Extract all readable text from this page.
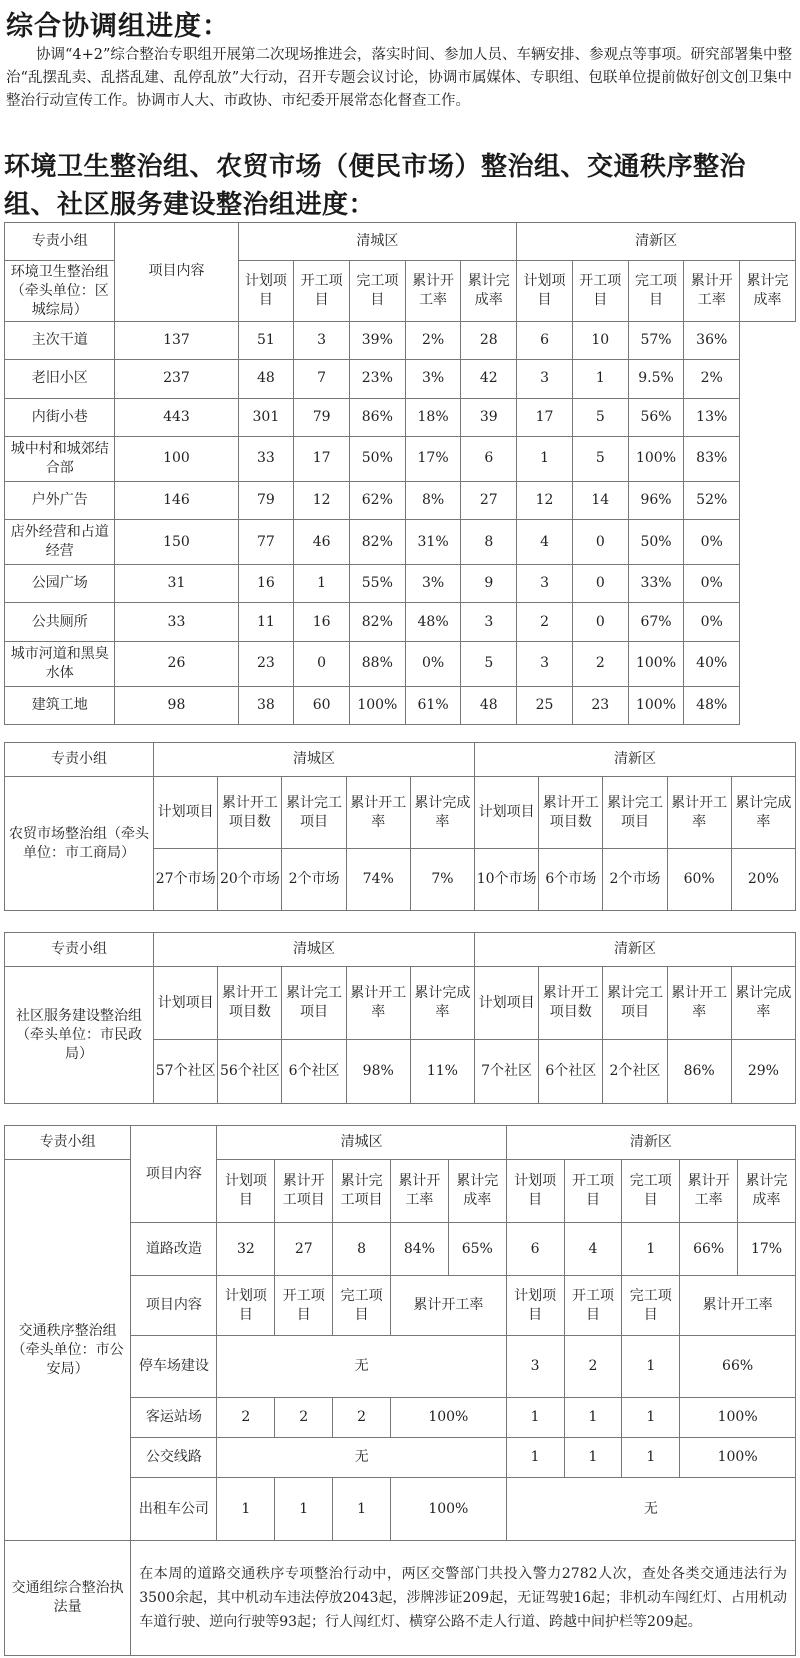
综合协调组进度：

协调“4+2”综合整治专职组开展第二次现场推进会，落实时间、参加人员、车辆安排、参观点等事项。研究部署集中整治“乱摆乱卖、乱搭乱建、乱停乱放”大行动，召开专题会议讨论，协调市属媒体、专职组、包联单位提前做好创文创卫集中整治行动宣传工作。协调市人大、市政协、市纪委开展常态化督查工作。

环境卫生整治组、农贸市场（便民市场）整治组、交通秩序整治组、社区服务建设整治组进度：
专责小组	项目内容	清城区					清新区				
环境卫生整治组（牵头单位：区城综局）		计划项目	开工项目	完工项目	累计开工率	累计完成率	计划项目	开工项目	完工项目	累计开工率	累计完成率
主次干道	137	51	3	39%	2%	28	6	10	57%	36%	
老旧小区	237	48	7	23%	3%	42	3	1	9.5%	2%	
内街小巷	443	301	79	86%	18%	39	17	5	56%	13%	
城中村和城郊结合部	100	33	17	50%	17%	6	1	5	100%	83%	
户外广告	146	79	12	62%	8%	27	12	14	96%	52%	
店外经营和占道经营	150	77	46	82%	31%	8	4	0	50%	0%	
公园广场	31	16	1	55%	3%	9	3	0	33%	0%	
公共厕所	33	11	16	82%	48%	3	2	0	67%	0%	
城市河道和黑臭水体	26	23	0	88%	0%	5	3	2	100%	40%	
建筑工地	98	38	60	100%	61%	48	25	23	100%	48%	
专责小组	清城区					清新区				
农贸市场整治组（牵头单位：市工商局）	计划项目	累计开工项目数	累计完工项目	累计开工率	累计完成率	计划项目	累计开工项目数	累计完工项目	累计开工率	累计完成率
	27个市场	20个市场	2个市场	74%	7%	10个市场	6个市场	2个市场	60%	20%
专责小组	清城区					清新区				
社区服务建设整治组（牵头单位：市民政局）	计划项目	累计开工项目数	累计完工项目	累计开工率	累计完成率	计划项目	累计开工项目数	累计完工项目	累计开工率	累计完成率
	57个社区	56个社区	6个社区	98%	11%	7个社区	6个社区	2个社区	86%	29%
专责小组	项目内容	清城区					清新区				
交通秩序整治组（牵头单位：市公安局）		计划项目	累计开工项目	累计完工项目	累计开工率	累计完成率	计划项目	开工项目	完工项目	累计开工率	累计完成率
	道路改造	32	27	8	84%	65%	6	4	1	66%	17%
	项目内容	计划项目	开工项目	完工项目	累计开工率		计划项目	开工项目	完工项目	累计开工率	
	停车场建设	无					3	2	1	66%	
	客运站场	2	2	2	100%		1	1	1	100%	
	公交线路	无					1	1	1	100%	
	出租车公司	1	1	1	100%		无				
交通组综合整治执法量	在本周的道路交通秩序专项整治行动中，两区交警部门共投入警力2782人次，查处各类交通违法行为3500余起，其中机动车违法停放2043起，涉牌涉证209起，无证驾驶16起；非机动车闯红灯、占用机动车道行驶、逆向行驶等93起；行人闯红灯、横穿公路不走人行道、跨越中间护栏等209起。										
